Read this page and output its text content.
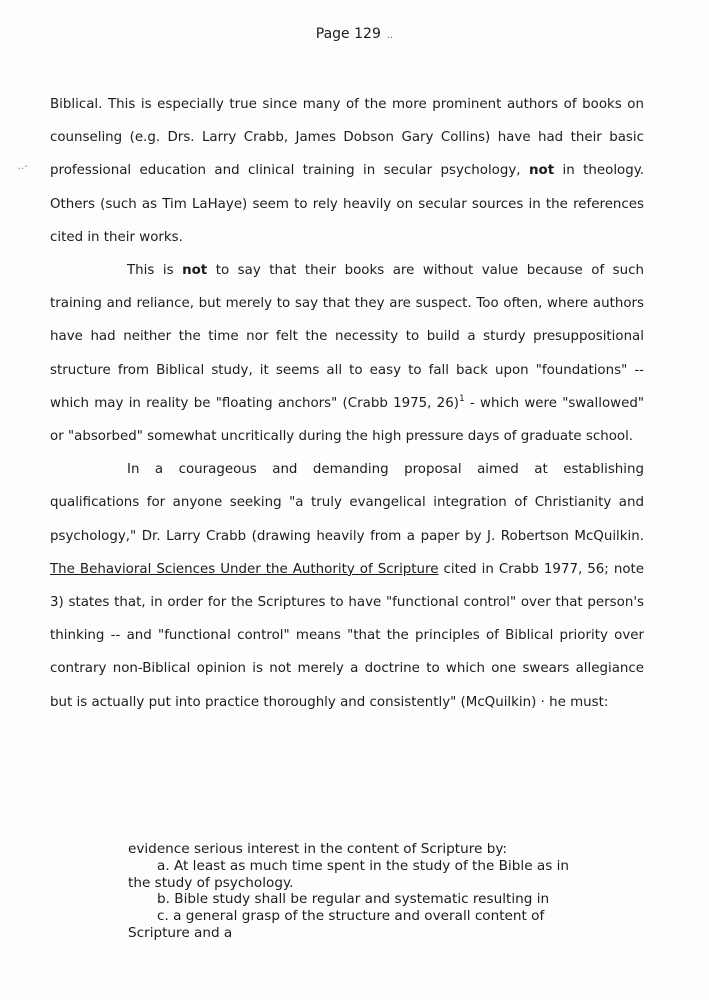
Page 129 ..
..-

Biblical. This is especially true since many of the more prominent authors of books on counseling (e.g. Drs. Larry Crabb, James Dobson Gary Collins) have had their basic professional education and clinical training in secular psychology, not in theology. Others (such as Tim LaHaye) seem to rely heavily on secular sources in the references cited in their works.

This is not to say that their books are without value because of such training and reliance, but merely to say that they are suspect. Too often, where authors have had neither the time nor felt the necessity to build a sturdy presuppositional structure from Biblical study, it seems all to easy to fall back upon "foundations" -- which may in reality be "floating anchors" (Crabb 1975, 26)$^1$ - which were "swallowed" or "absorbed" somewhat uncritically during the high pressure days of graduate school.

In a courageous and demanding proposal aimed at establishing qualifications for anyone seeking "a truly evangelical integration of Christianity and psychology," Dr. Larry Crabb (drawing heavily from a paper by J. Robertson McQuilkin. The Behavioral Sciences Under the Authority of Scripture cited in Crabb 1977, 56; note 3) states that, in order for the Scriptures to have "functional control" over that person's thinking -- and "functional control" means "that the principles of Biblical priority over contrary non-Biblical opinion is not merely a doctrine to which one swears allegiance but is actually put into practice thoroughly and consistently" (McQuilkin) · he must:

evidence serious interest in the content of Scripture by:

a. At least as much time spent in the study of the Bible as in the study of psychology.

b. Bible study shall be regular and systematic resulting in

c. a general grasp of the structure and overall content of Scripture and a
